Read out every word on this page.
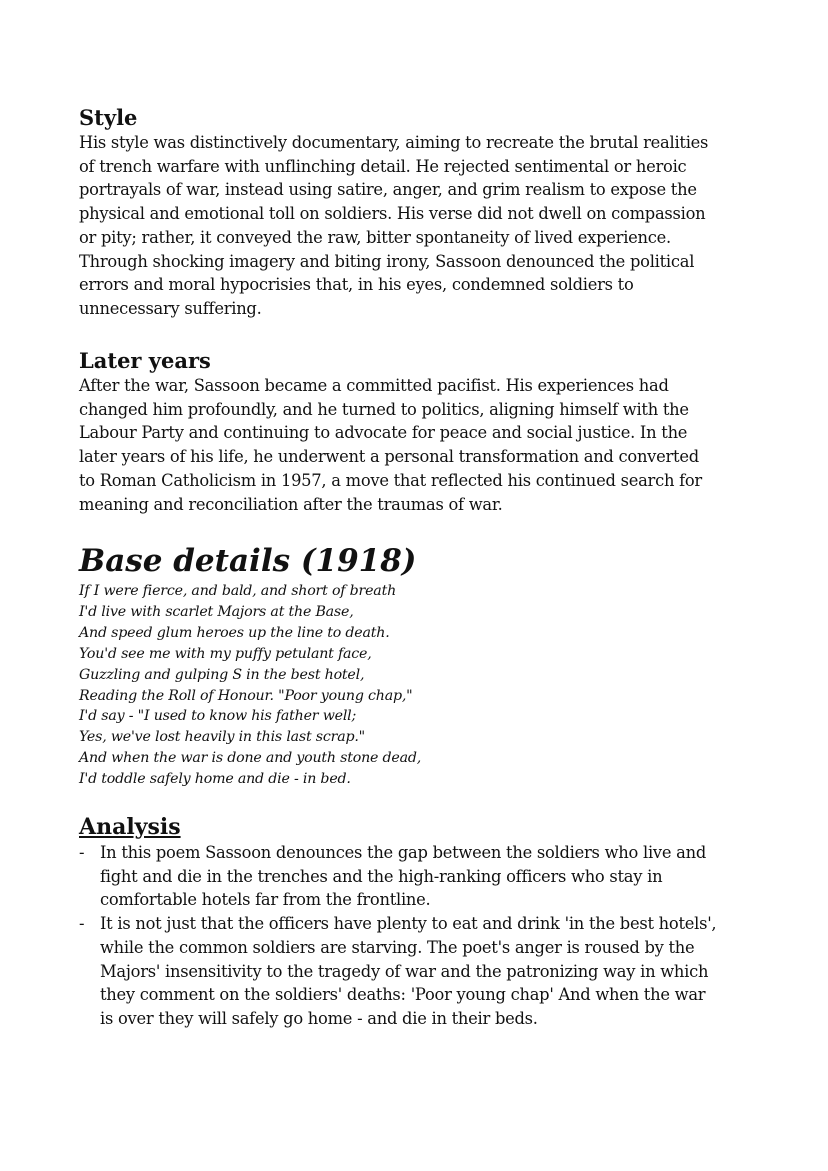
Style
His style was distinctively documentary, aiming to recreate the brutal realities
of trench warfare with unflinching detail. He rejected sentimental or heroic
portrayals of war, instead using satire, anger, and grim realism to expose the
physical and emotional toll on soldiers. His verse did not dwell on compassion
or pity; rather, it conveyed the raw, bitter spontaneity of lived experience.
Through shocking imagery and biting irony, Sassoon denounced the political
errors and moral hypocrisies that, in his eyes, condemned soldiers to
unnecessary suffering.
Later years
After the war, Sassoon became a committed pacifist. His experiences had
changed him profoundly, and he turned to politics, aligning himself with the
Labour Party and continuing to advocate for peace and social justice. In the
later years of his life, he underwent a personal transformation and converted
to Roman Catholicism in 1957, a move that reflected his continued search for
meaning and reconciliation after the traumas of war.
Base details (1918)
If I were fierce, and bald, and short of breath
I'd live with scarlet Majors at the Base,
And speed glum heroes up the line to death.
You'd see me with my puffy petulant face,
Guzzling and gulping S in the best hotel,
Reading the Roll of Honour. "Poor young chap,"
I'd say - "I used to know his father well;
Yes, we've lost heavily in this last scrap."
And when the war is done and youth stone dead,
I'd toddle safely home and die - in bed.
Analysis
- In this poem Sassoon denounces the gap between the soldiers who live and
fight and die in the trenches and the high-ranking officers who stay in
comfortable hotels far from the frontline.
- It is not just that the officers have plenty to eat and drink 'in the best hotels',
while the common soldiers are starving. The poet's anger is roused by the
Majors' insensitivity to the tragedy of war and the patronizing way in which
they comment on the soldiers' deaths: 'Poor young chap' And when the war
is over they will safely go home - and die in their beds.
